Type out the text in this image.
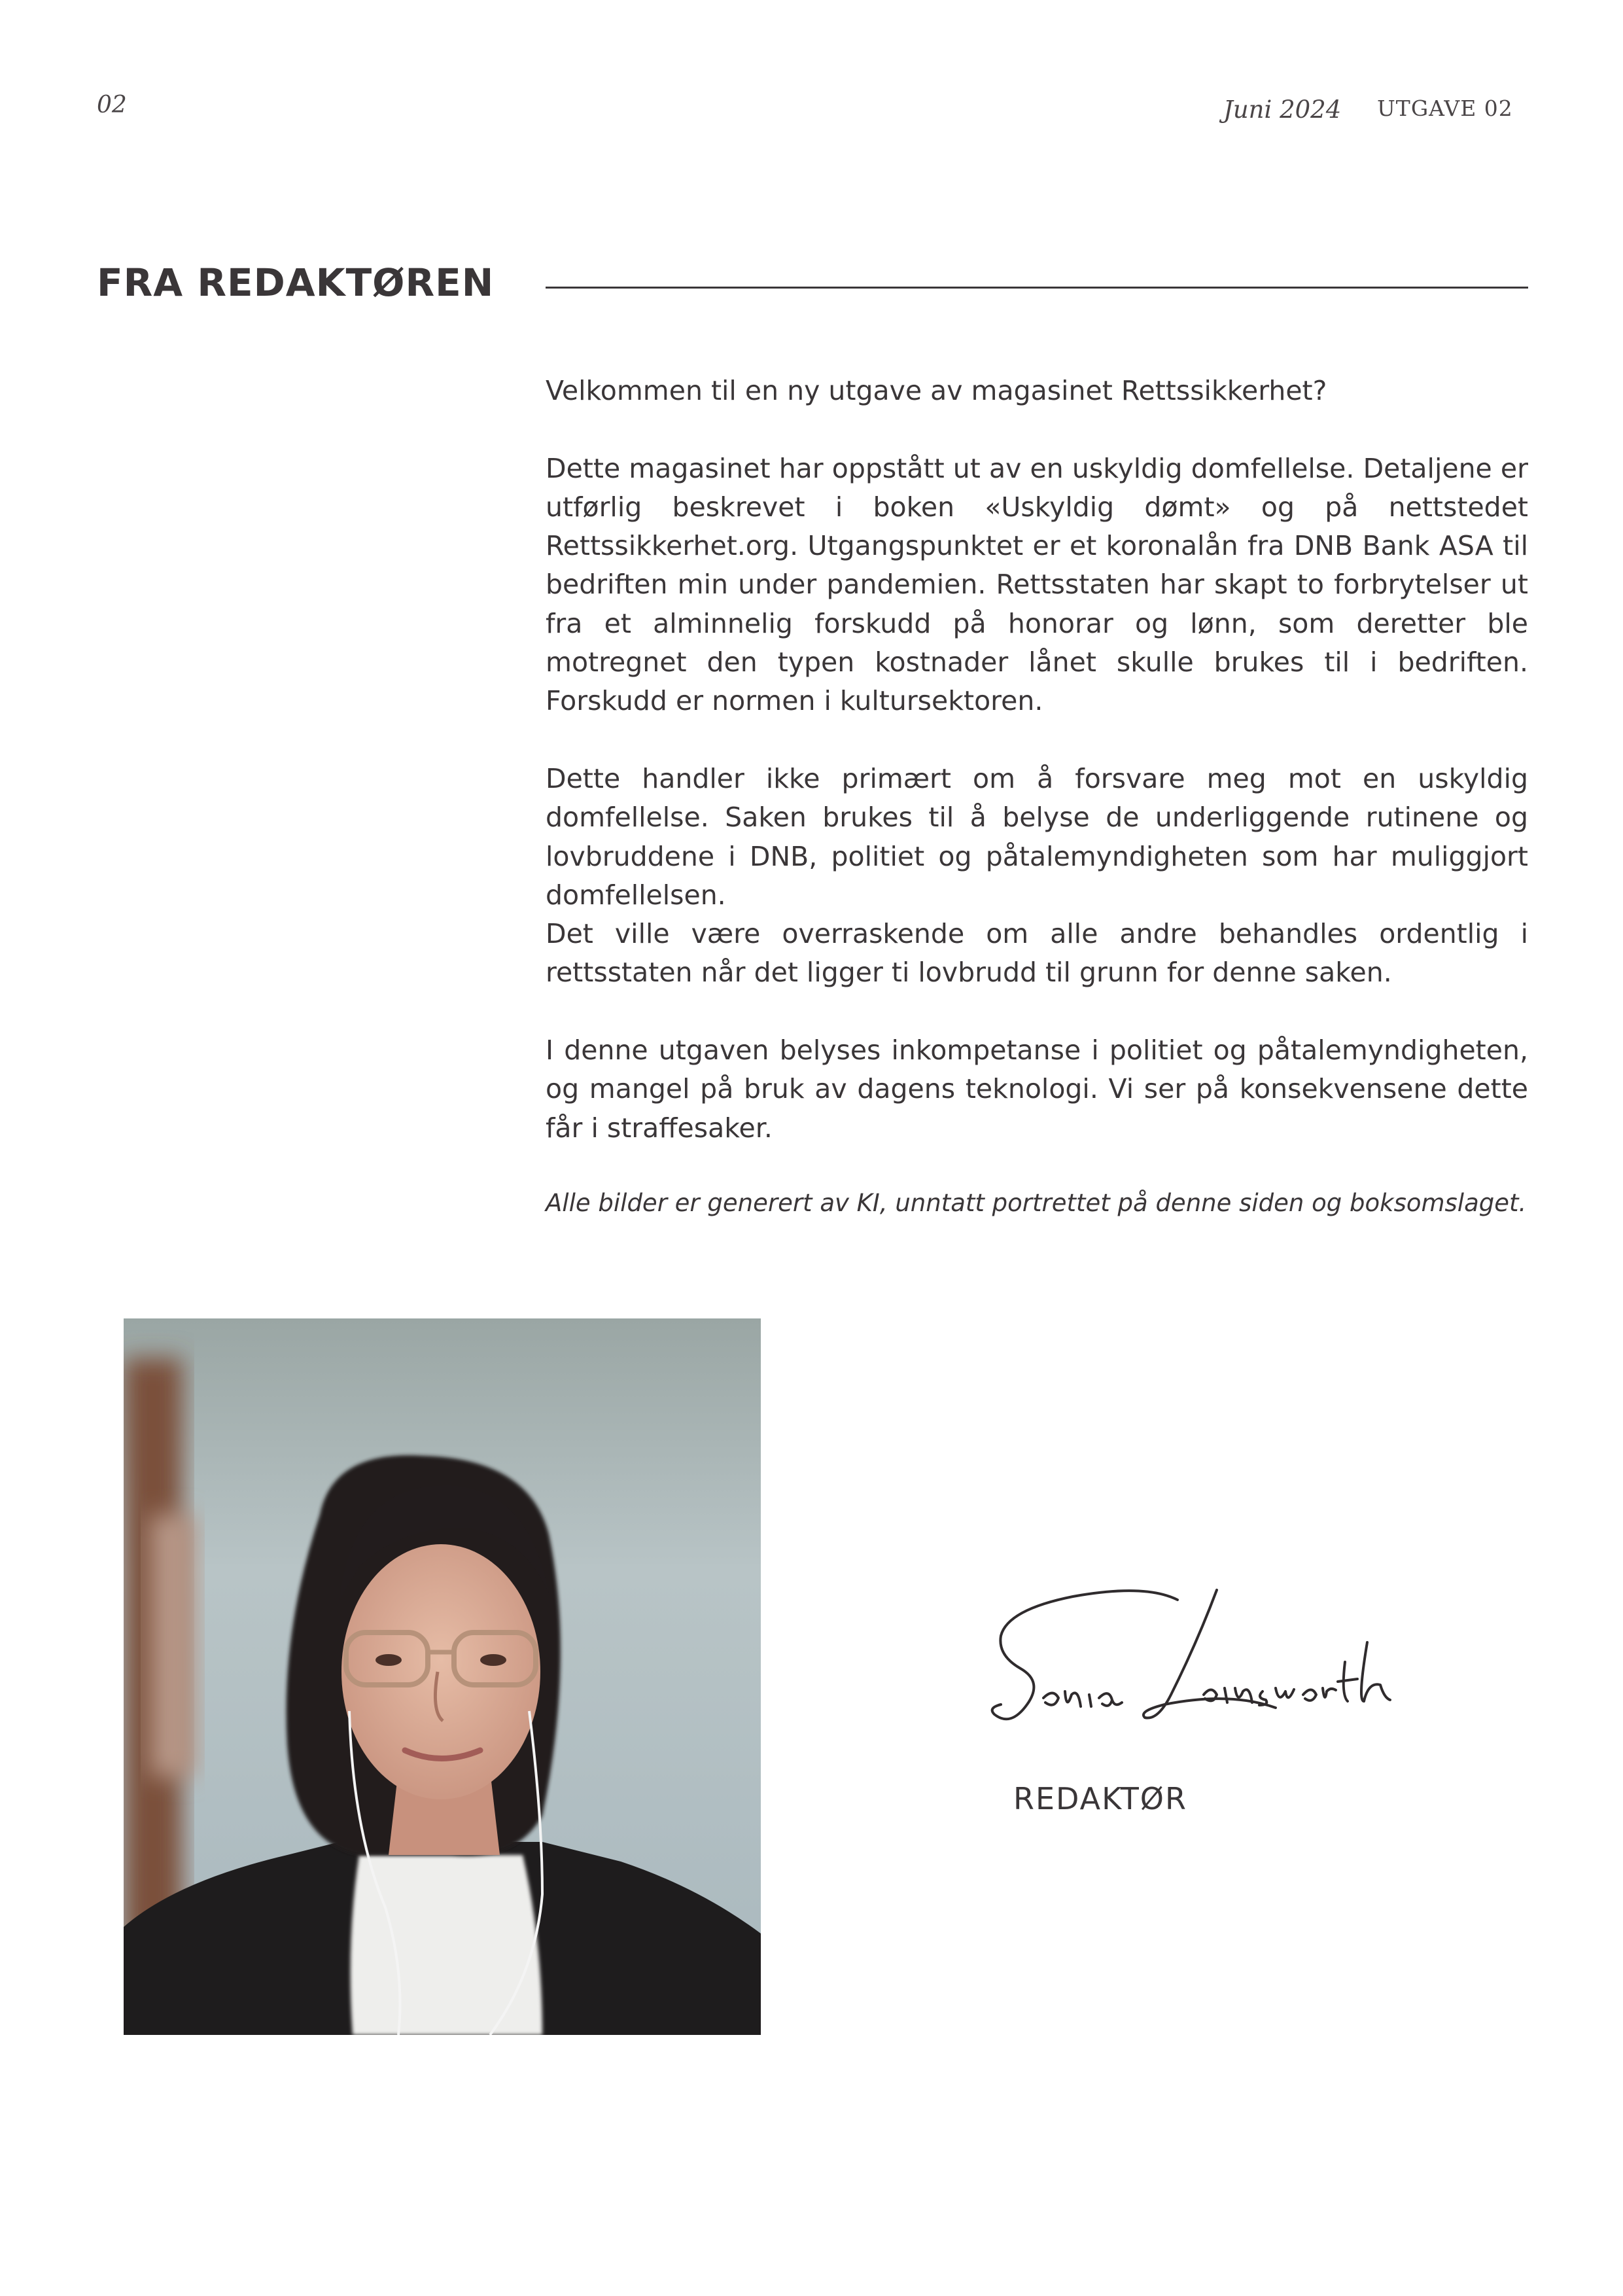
02	Juni 2024 UTGAVE 02
FRA REDAKTØREN

Velkommen til en ny utgave av magasinet Rettssikkerhet?

Dette magasinet har oppstått ut av en uskyldig domfellelse. Detaljene er utførlig beskrevet i boken «Uskyldig dømt» og på nettstedet Rettssikkerhet.org. Utgangspunktet er et koronalån fra DNB Bank ASA til bedriften min under pandemien. Rettsstaten har skapt to forbrytelser ut fra et alminnelig forskudd på honorar og lønn, som deretter ble motregnet den typen kostnader lånet skulle brukes til i bedriften. Forskudd er normen i kultursektoren.

Dette handler ikke primært om å forsvare meg mot en uskyldig domfellelse. Saken brukes til å belyse de underliggende rutinene og lovbruddene i DNB, politiet og påtalemyndigheten som har muliggjort domfellelsen.

Det ville være overraskende om alle andre behandles ordentlig i rettsstaten når det ligger ti lovbrudd til grunn for denne saken.

I denne utgaven belyses inkompetanse i politiet og påtalemyndigheten, og mangel på bruk av dagens teknologi. Vi ser på konsekvensene dette får i straffesaker.

Alle bilder er generert av KI, unntatt portrettet på denne siden og boksomslaget.

REDAKTØR
